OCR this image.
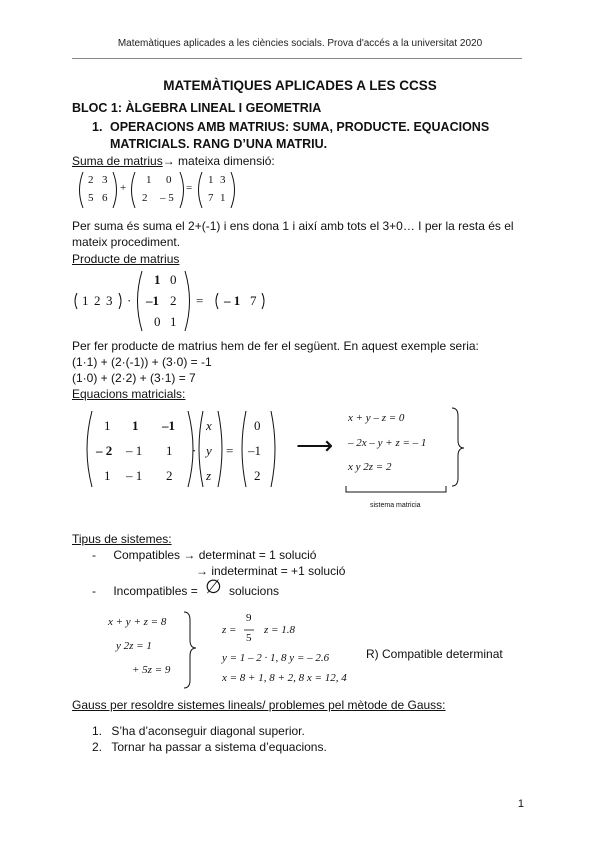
Matemàtiques aplicades a les ciències socials. Prova d'accés a la universitat 2020
MATEMÀTIQUES APLICADES A LES CCSS
BLOC 1: ÀLGEBRA LINEAL I GEOMETRIA
1. OPERACIONS AMB MATRIUS: SUMA, PRODUCTE. EQUACIONS MATRICIALS. RANG D’UNA MATRIU.
Suma de matrius→ mateixa dimensió:
2 3
5 6
+
1 0
2 – 5
=
1 3
7 1
Per suma és suma el 2+(-1) i ens dona 1 i així amb tots el 3+0… I per la resta és el mateix procediment.
Producte de matrius
1 2 3 ·
1 0
–1 2
0 1
= – 1 7
Per fer producte de matrius hem de fer el següent. En aquest exemple seria:
(1·1) + (2·(-1)) + (3·0) = -1
(1·0) + (2·2) + (3·1) = 7
Equacions matricials:
1 1 –1
– 2 – 1 1
1 – 1 2
·
x
y
z
=
0
–1
2
⟶
x + y – z = 0
– 2x – y + z = – 1
x y 2z = 2
sistema matricia
Tipus de sistemes:
- Compatibles → determinat = 1 solució
→ indeterminat = +1 solució
- Incompatibles = ∅ solucions
x + y + z = 8
y 2z = 1
+ 5z = 9
z =
9
5
z = 1.8
y = 1 – 2 · 1, 8 y = – 2.6
x = 8 + 1, 8 + 2, 8 x = 12, 4
R) Compatible determinat
Gauss per resoldre sistemes lineals/ problemes pel mètode de Gauss:
1. S’ha d’aconseguir diagonal superior.
2. Tornar ha passar a sistema d’equacions.
1
